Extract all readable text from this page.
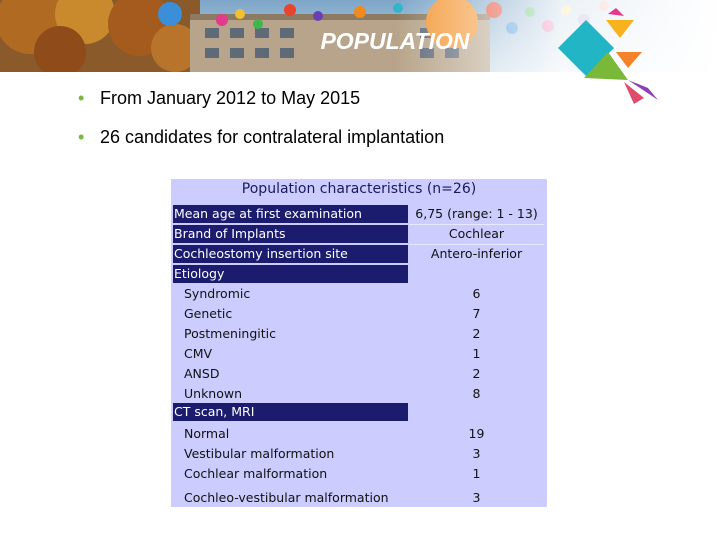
POPULATION
• From January 2012 to May 2015
• 26 candidates for contralateral implantation
Population characteristics (n=26)
Mean age at first examination	6,75 (range: 1 - 13)
Brand of Implants	Cochlear
Cochleostomy insertion site	Antero-inferior
Etiology
Syndromic	6
Genetic	7
Postmeningitic	2
CMV	1
ANSD	2
Unknown	8
CT scan, MRI
Normal	19
Vestibular malformation	3
Cochlear malformation	1
Cochleo-vestibular malformation	3
